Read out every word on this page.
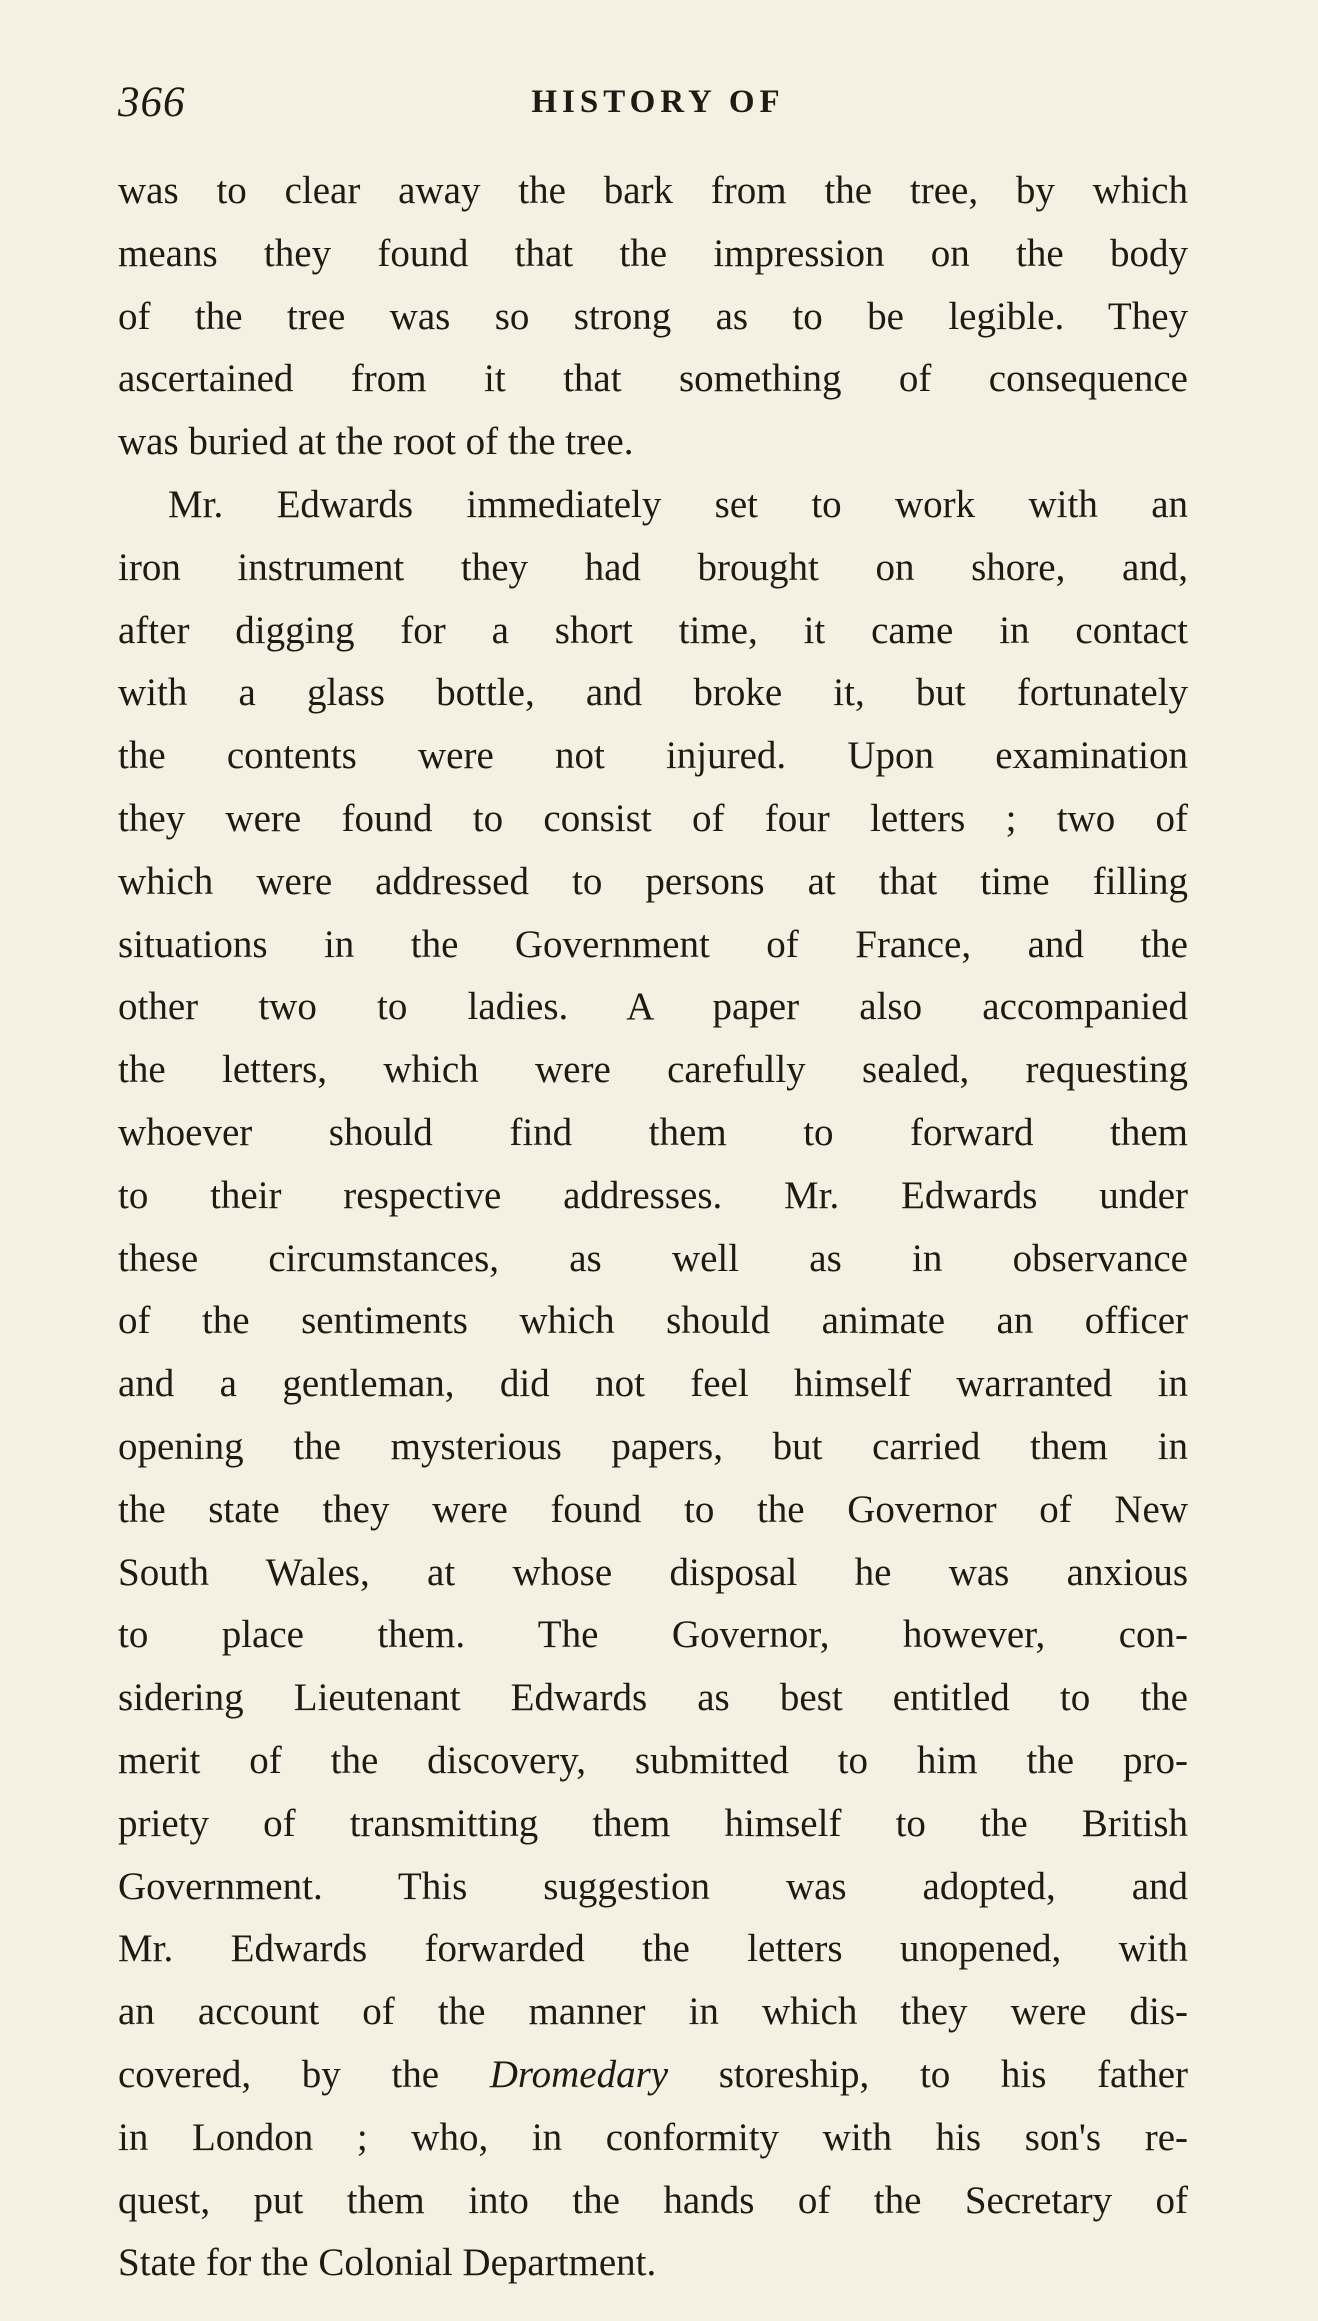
366	HISTORY OF
was to clear away the bark from the tree, by which
means they found that the impression on the body
of the tree was so strong as to be legible. They
ascertained from it that something of consequence
was buried at the root of the tree.
Mr. Edwards immediately set to work with an
iron instrument they had brought on shore, and,
after digging for a short time, it came in contact
with a glass bottle, and broke it, but fortunately
the contents were not injured. Upon examination
they were found to consist of four letters ; two of
which were addressed to persons at that time filling
situations in the Government of France, and the
other two to ladies. A paper also accompanied
the letters, which were carefully sealed, requesting
whoever should find them to forward them
to their respective addresses. Mr. Edwards under
these circumstances, as well as in observance
of the sentiments which should animate an officer
and a gentleman, did not feel himself warranted in
opening the mysterious papers, but carried them in
the state they were found to the Governor of New
South Wales, at whose disposal he was anxious
to place them. The Governor, however, con-
sidering Lieutenant Edwards as best entitled to the
merit of the discovery, submitted to him the pro-
priety of transmitting them himself to the British
Government. This suggestion was adopted, and
Mr. Edwards forwarded the letters unopened, with
an account of the manner in which they were dis-
covered, by the Dromedary storeship, to his father
in London ; who, in conformity with his son's re-
quest, put them into the hands of the Secretary of
State for the Colonial Department.
